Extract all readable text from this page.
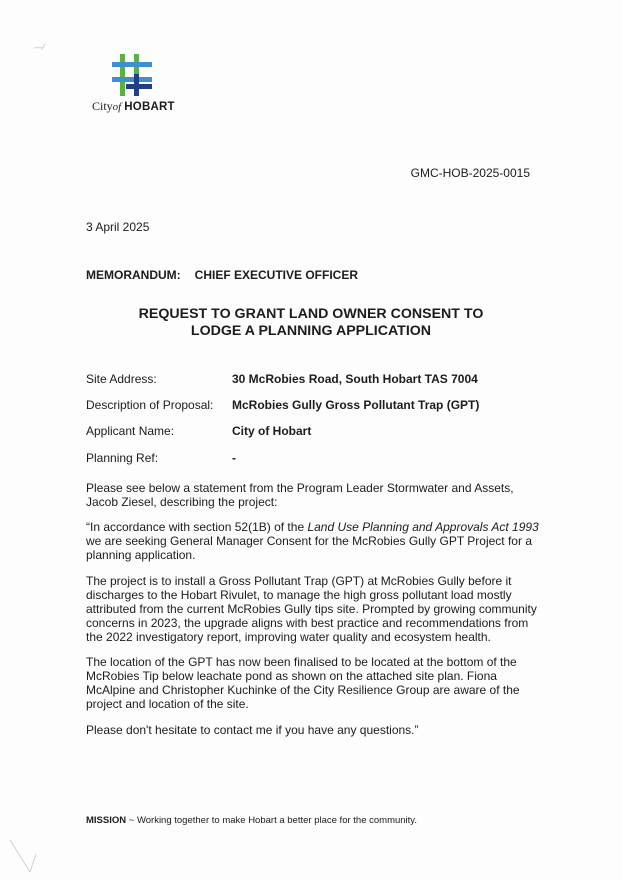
―⁄
Cityof HOBART
GMC-HOB-2025-0015
3 April 2025
MEMORANDUM: CHIEF EXECUTIVE OFFICER
REQUEST TO GRANT LAND OWNER CONSENT TO
LODGE A PLANNING APPLICATION
Site Address:	30 McRobies Road, South Hobart TAS 7004
Description of Proposal: McRobies Gully Gross Pollutant Trap (GPT)
Applicant Name:	City of Hobart
Planning Ref:	-
Please see below a statement from the Program Leader Stormwater and Assets, Jacob Ziesel, describing the project:
“In accordance with section 52(1B) of the Land Use Planning and Approvals Act 1993 we are seeking General Manager Consent for the McRobies Gully GPT Project for a planning application.
The project is to install a Gross Pollutant Trap (GPT) at McRobies Gully before it discharges to the Hobart Rivulet, to manage the high gross pollutant load mostly attributed from the current McRobies Gully tips site. Prompted by growing community concerns in 2023, the upgrade aligns with best practice and recommendations from the 2022 investigatory report, improving water quality and ecosystem health.
The location of the GPT has now been finalised to be located at the bottom of the McRobies Tip below leachate pond as shown on the attached site plan. Fiona McAlpine and Christopher Kuchinke of the City Resilience Group are aware of the project and location of the site.
Please don't hesitate to contact me if you have any questions.”
MISSION ~ Working together to make Hobart a better place for the community.
